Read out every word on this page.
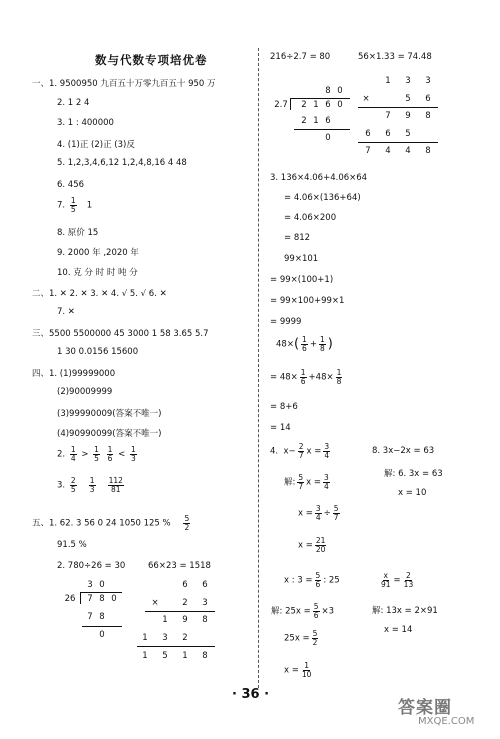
数与代数专项培优卷
一、1. 9500950 九百五十万零九百五十 950 万
2. 1 2 4
3. 1 : 400000
4. (1)正 (2)正 (3)反
5. 1,2,3,4,6,12 1,2,4,8,16 4 48
6. 456
7. $\frac{1}{5} 1$
8. 原价 15
9. 2000 年 ,2020 年
10. 克 分 时 时 吨 分
二、1. ✕ 2. ✕ 3. ✕ 4. √ 5. √ 6. ✕
7. ✕
三、5500 5500000 45 3000 1 58 3.65 5.7
1 30 0.0156 15600
四、1. (1)99999000
(2)90009999
(3)99990009(答案不唯一)
(4)90990099(答案不唯一)
2. $\frac{1}{4} > \frac{1}{5}$
$\frac{1}{6} < \frac{1}{3}$
3. $\frac{2}{5}$
$\frac{1}{3}$
$\frac{112}{81}$
五、1. 62. 3 56 0 24 1050 125 % $\frac{5}{2}$
91.5 %
2. 780÷26 = 30	66×23 = 1518
3 0
26	7 8 0
7 8
0
6	6
×	2	3
1	9	8
1	3	2
1	5	1	8
216÷2.7 = 80	56×1.33 = 74.48
8 0
2.7	2 1 6 0
2 1 6
0
1	3	3
×	5	6
7	9	8
6	6	5
7	4	4	8
3. 136×4.06+4.06×64
= 4.06×(136+64)
= 4.06×200
= 812
99×101
= 99×(100+1)
= 99×100+99×1
= 9999
$48\times( \frac{1}{6} + \frac{1}{8}$ )
= $48\times \frac{1}{6} +48\times \frac{1}{8}$
= 8+6
= 14
4. $x- \frac{2}{7}$ $x = \frac{3}{4}$
解: $\frac{5}{7}$ $x = \frac{3}{4}$
$x = \frac{3}{4} \div \frac{5}{7}$
$x = \frac{21}{20}$
8. 3x−2x = 63
解: 6. 3x = 63
x = 10
x : $3 = \frac{5}{6}$ : 25
解: $25x = \frac{5}{6} \times 3$
$25x = \frac{5}{2}$
$x = \frac{1}{10}$
$\frac{x}{91} = \frac{2}{13}$
解: 13x = 2×91
x = 14
· 36 ·
答案圈
MXQE.COM
